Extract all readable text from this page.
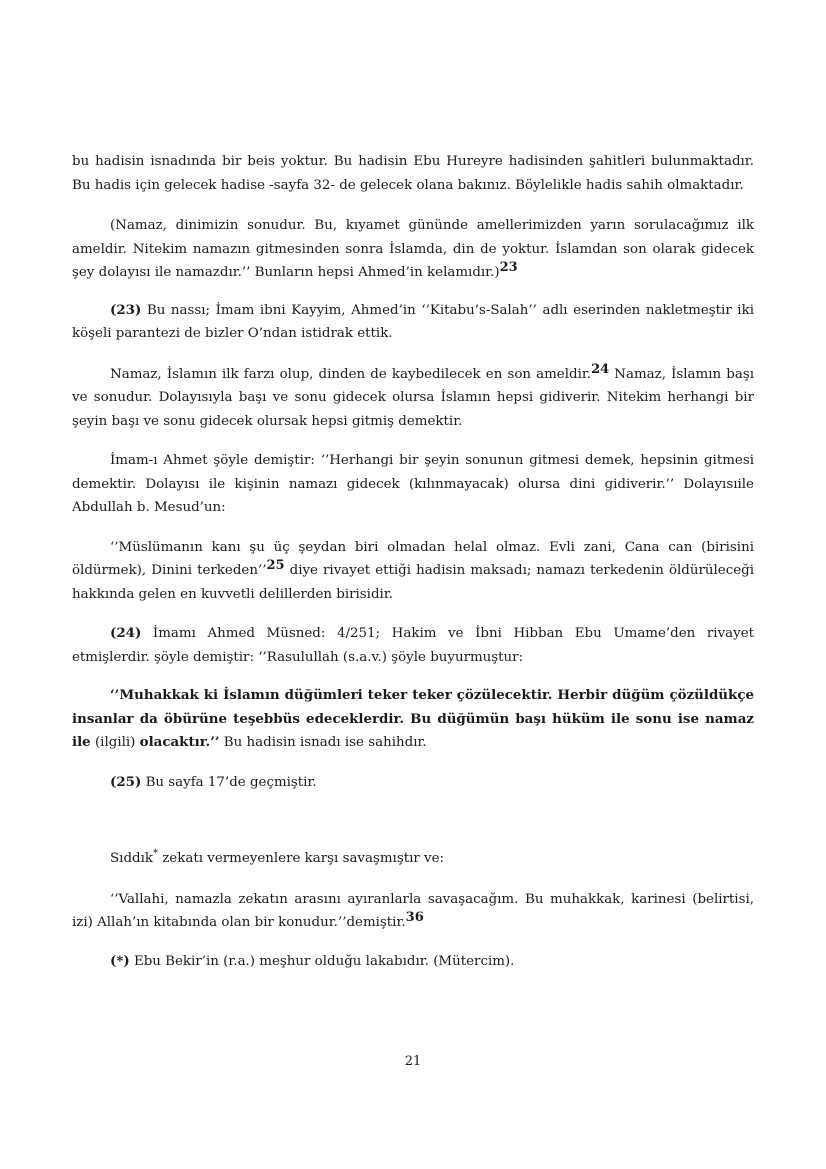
bu hadisin isnadında bir beis yoktur. Bu hadisin Ebu Hureyre hadisinden şahitleri bulunmaktadır. Bu hadis için gelecek hadise -sayfa 32- de gelecek olana bakınız. Böylelikle hadis sahih olmaktadır.

(Namaz, dinimizin sonudur. Bu, kıyamet gününde amellerimizden yarın sorulacağımız ilk ameldir. Nitekim namazın gitmesinden sonra İslamda, din de yoktur. İslamdan son olarak gidecek şey dolayısı ile namazdır.’’ Bunların hepsi Ahmed’in kelamıdır.)$^{23}$

(23) Bu nassı; İmam ibni Kayyim, Ahmed’in ‘’Kitabu’s-Salah’’ adlı eserinden nakletmeştir iki köşeli parantezi de bizler O’ndan istidrak ettik.

Namaz, İslamın ilk farzı olup, dinden de kaybedilecek en son ameldir.$^{24}$ Namaz, İslamın başı ve sonudur. Dolayısıyla başı ve sonu gidecek olursa İslamın hepsi gidiverir. Nitekim herhangi bir şeyin başı ve sonu gidecek olursak hepsi gitmiş demektir.

İmam-ı Ahmet şöyle demiştir: ‘’Herhangi bir şeyin sonunun gitmesi demek, hepsinin gitmesi demektir. Dolayısı ile kişinin namazı gidecek (kılınmayacak) olursa dini gidiverir.’’ Dolayısıile Abdullah b. Mesud’un:

‘’Müslümanın kanı şu üç şeydan biri olmadan helal olmaz. Evli zani, Cana can (birisini öldürmek), Dinini terkeden’’$^{25}$ diye rivayet ettiği hadisin maksadı; namazı terkedenin öldürüleceği hakkında gelen en kuvvetli delillerden birisidir.

(24) İmamı Ahmed Müsned: 4/251; Hakim ve İbni Hibban Ebu Umame’den rivayet etmişlerdir. şöyle demiştir: ‘’Rasulullah (s.a.v.) şöyle buyurmuştur:

‘’Muhakkak ki İslamın düğümleri teker teker çözülecektir. Herbir düğüm çözüldükçe insanlar da öbürüne teşebbüs edeceklerdir. Bu düğümün başı hüküm ile sonu ise namaz ile (ilgili) olacaktır.’’ Bu hadisin isnadı ise sahihdır.

(25) Bu sayfa 17’de geçmiştir.

Sıddık* zekatı vermeyenlere karşı savaşmıştır ve:

‘’Vallahi, namazla zekatın arasını ayıranlarla savaşacağım. Bu muhakkak, karinesi (belirtisi, izi) Allah’ın kitabında olan bir konudur.’’demiştir.$^{36}$

(*) Ebu Bekir’in (r.a.) meşhur olduğu lakabıdır. (Mütercim).

21
